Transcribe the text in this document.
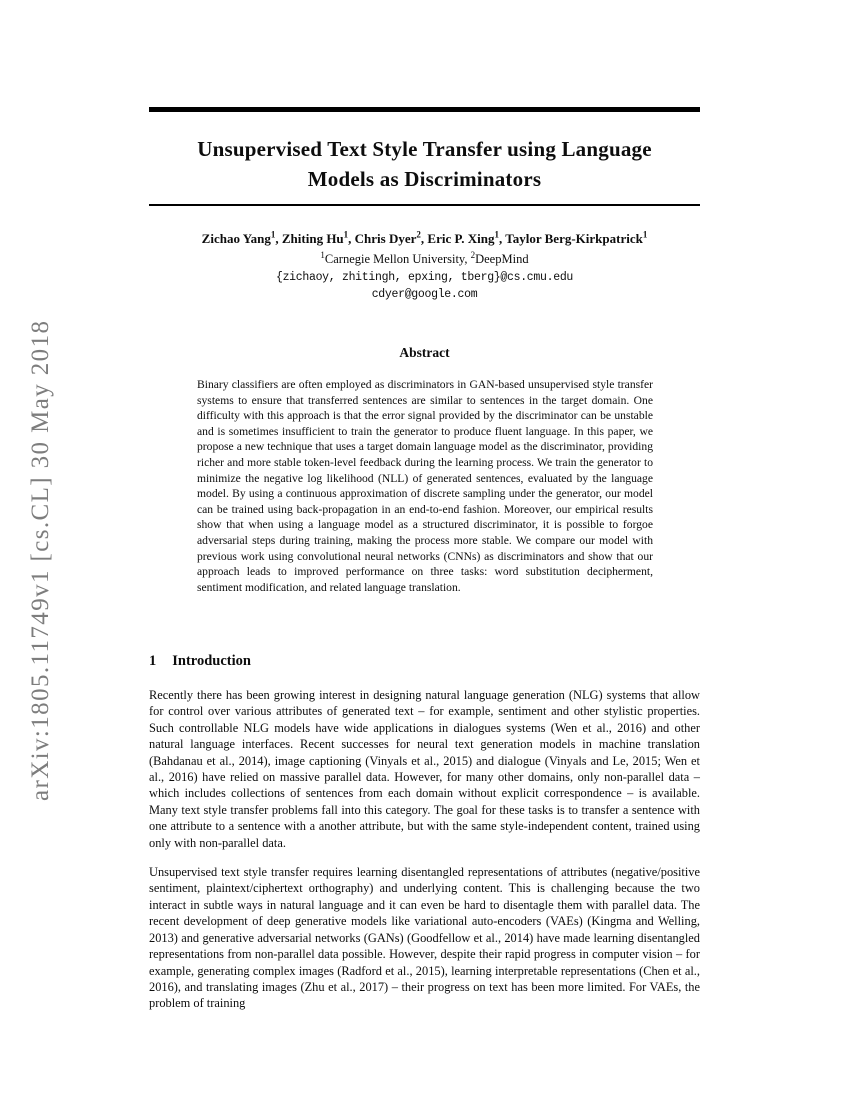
arXiv:1805.11749v1 [cs.CL] 30 May 2018
Unsupervised Text Style Transfer using Language
Models as Discriminators
Zichao Yang$^1$, Zhiting Hu$^1$, Chris Dyer$^2$, Eric P. Xing$^1$, Taylor Berg-Kirkpatrick$^1$
$^1$Carnegie Mellon University, $^2$DeepMind
{zichaoy, zhitingh, epxing, tberg}@cs.cmu.edu
cdyer@google.com
Abstract
Binary classifiers are often employed as discriminators in GAN-based unsupervised style transfer systems to ensure that transferred sentences are similar to sentences in the target domain. One difficulty with this approach is that the error signal provided by the discriminator can be unstable and is sometimes insufficient to train the generator to produce fluent language. In this paper, we propose a new technique that uses a target domain language model as the discriminator, providing richer and more stable token-level feedback during the learning process. We train the generator to minimize the negative log likelihood (NLL) of generated sentences, evaluated by the language model. By using a continuous approximation of discrete sampling under the generator, our model can be trained using back-propagation in an end-to-end fashion. Moreover, our empirical results show that when using a language model as a structured discriminator, it is possible to forgoe adversarial steps during training, making the process more stable. We compare our model with previous work using convolutional neural networks (CNNs) as discriminators and show that our approach leads to improved performance on three tasks: word substitution decipherment, sentiment modification, and related language translation.
1 Introduction

Recently there has been growing interest in designing natural language generation (NLG) systems that allow for control over various attributes of generated text – for example, sentiment and other stylistic properties. Such controllable NLG models have wide applications in dialogues systems (Wen et al., 2016) and other natural language interfaces. Recent successes for neural text generation models in machine translation (Bahdanau et al., 2014), image captioning (Vinyals et al., 2015) and dialogue (Vinyals and Le, 2015; Wen et al., 2016) have relied on massive parallel data. However, for many other domains, only non-parallel data – which includes collections of sentences from each domain without explicit correspondence – is available. Many text style transfer problems fall into this category. The goal for these tasks is to transfer a sentence with one attribute to a sentence with a another attribute, but with the same style-independent content, trained using only with non-parallel data.

Unsupervised text style transfer requires learning disentangled representations of attributes (negative/positive sentiment, plaintext/ciphertext orthography) and underlying content. This is challenging because the two interact in subtle ways in natural language and it can even be hard to disentagle them with parallel data. The recent development of deep generative models like variational auto-encoders (VAEs) (Kingma and Welling, 2013) and generative adversarial networks (GANs) (Goodfellow et al., 2014) have made learning disentangled representations from non-parallel data possible. However, despite their rapid progress in computer vision – for example, generating complex images (Radford et al., 2015), learning interpretable representations (Chen et al., 2016), and translating images (Zhu et al., 2017) – their progress on text has been more limited. For VAEs, the problem of training
